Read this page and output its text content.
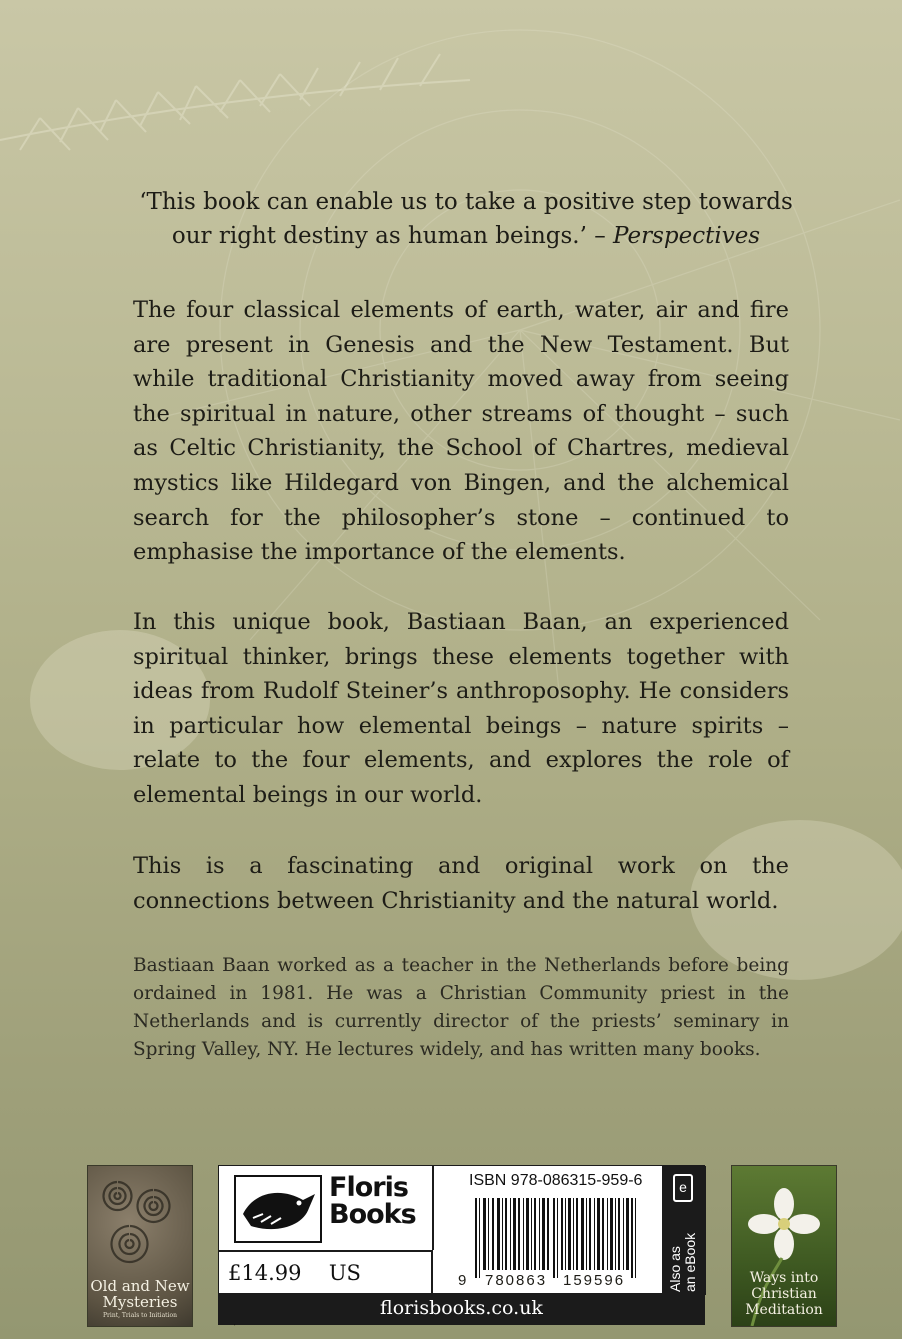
‘This book can enable us to take a positive step towards
our right destiny as human beings.’ – Perspectives

The four classical elements of earth, water, air and fire are present in Genesis and the New Testament. But while traditional Christianity moved away from seeing the spiritual in nature, other streams of thought – such as Celtic Christianity, the School of Chartres, medieval mystics like Hildegard von Bingen, and the alchemical search for the philosopher’s stone – continued to emphasise the importance of the elements.

In this unique book, Bastiaan Baan, an experienced spiritual thinker, brings these elements together with ideas from Rudolf Steiner’s anthroposophy. He considers in particular how elemental beings – nature spirits – relate to the four elements, and explores the role of elemental beings in our world.

This is a fascinating and original work on the connections between Christianity and the natural world.

Bastiaan Baan worked as a teacher in the Netherlands before being ordained in 1981. He was a Christian Community priest in the Netherlands and is currently director of the priests’ seminary in Spring Valley, NY. He lectures widely, and has written many books.

Old and New
Mysteries
Print, Trials to Initiation
Floris
Books
£14.99 US
ISBN 978-086315-959-6
9 780863 159596
e
Also as an eBook
florisbooks.co.uk
Ways into
Christian
Meditation
